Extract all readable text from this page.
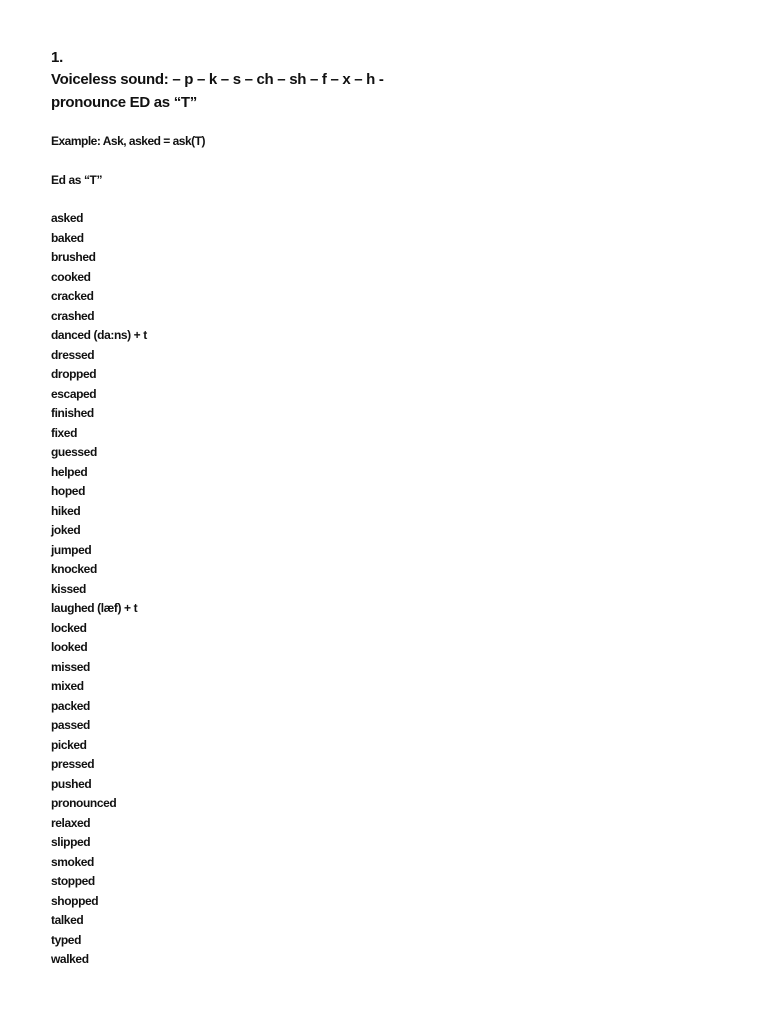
1.
Voiceless sound: – p – k – s – ch – sh – f – x – h -
pronounce ED as “T”
Example: Ask, asked = ask(T)
Ed as “T”
asked
baked
brushed
cooked
cracked
crashed
danced (da:ns) + t
dressed
dropped
escaped
finished
fixed
guessed
helped
hoped
hiked
joked
jumped
knocked
kissed
laughed (læf) + t
locked
looked
missed
mixed
packed
passed
picked
pressed
pushed
pronounced
relaxed
slipped
smoked
stopped
shopped
talked
typed
walked
